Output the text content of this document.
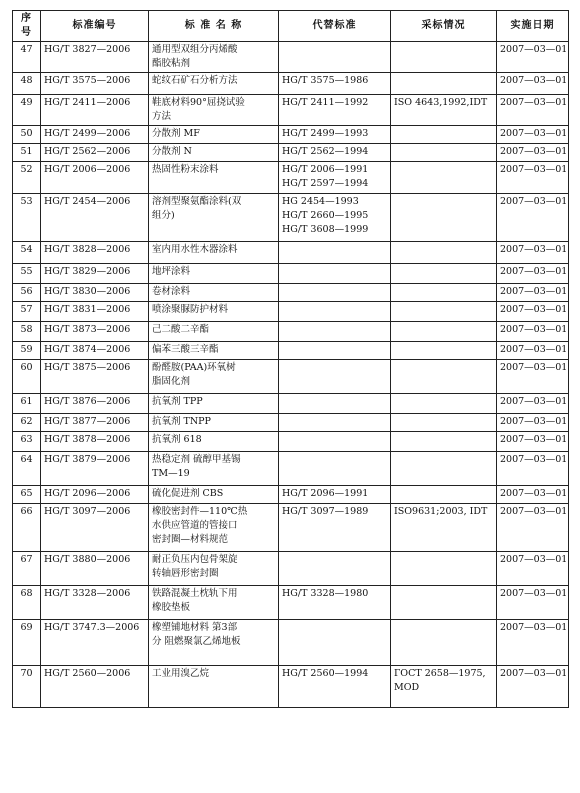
序号	标准编号	标 准 名 称	代替标准	采标情况	实施日期

47	HG/T 3827—2006	通用型双组分丙烯酸
酯胶粘剂			2007—03—01

48	HG/T 3575—2006	蛇纹石矿石分析方法	HG/T 3575—1986		2007—03—01

49	HG/T 2411—2006	鞋底材料90°屈挠试验
方法	HG/T 2411—1992	ISO 4643,1992,IDT	2007—03—01

50	HG/T 2499—2006	分散剂 MF	HG/T 2499—1993		2007—03—01

51	HG/T 2562—2006	分散剂 N	HG/T 2562—1994		2007—03—01

52	HG/T 2006—2006	热固性粉末涂料	HG/T 2006—1991
HG/T 2597—1994		2007—03—01

53	HG/T 2454—2006	溶剂型聚氨酯涂料(双
组分)	HG 2454—1993
HG/T 2660—1995
HG/T 3608—1999		2007—03—01

54	HG/T 3828—2006	室内用水性木器涂料			2007—03—01

55	HG/T 3829—2006	地坪涂料			2007—03—01

56	HG/T 3830—2006	卷材涂料			2007—03—01

57	HG/T 3831—2006	喷涂聚脲防护材料			2007—03—01

58	HG/T 3873—2006	己二酸二辛酯			2007—03—01

59	HG/T 3874—2006	偏苯三酸三辛酯			2007—03—01

60	HG/T 3875—2006	酚醛胺(PAA)环氧树
脂固化剂			2007—03—01

61	HG/T 3876—2006	抗氧剂 TPP			2007—03—01

62	HG/T 3877—2006	抗氧剂 TNPP			2007—03—01

63	HG/T 3878—2006	抗氧剂 618			2007—03—01

64	HG/T 3879—2006	热稳定剂 硫醇甲基锡
TM—19			2007—03—01

65	HG/T 2096—2006	硫化促进剂 CBS	HG/T 2096—1991		2007—03—01

66	HG/T 3097—2006	橡胶密封件—110℃热
水供应管道的管接口
密封圈—材料规范	HG/T 3097—1989	ISO9631;2003, IDT	2007—03—01

67	HG/T 3880—2006	耐正负压内包骨架旋
转轴唇形密封圈			2007—03—01

68	HG/T 3328—2006	铁路混凝土枕轨下用
橡胶垫板	HG/T 3328—1980		2007—03—01

69	HG/T 3747.3—2006	橡塑铺地材料 第3部
分 阻燃聚氯乙烯地板			2007—03—01

70	HG/T 2560—2006	工业用溴乙烷	HG/T 2560—1994	ГОСТ 2658—1975,
MOD	2007—03—01
